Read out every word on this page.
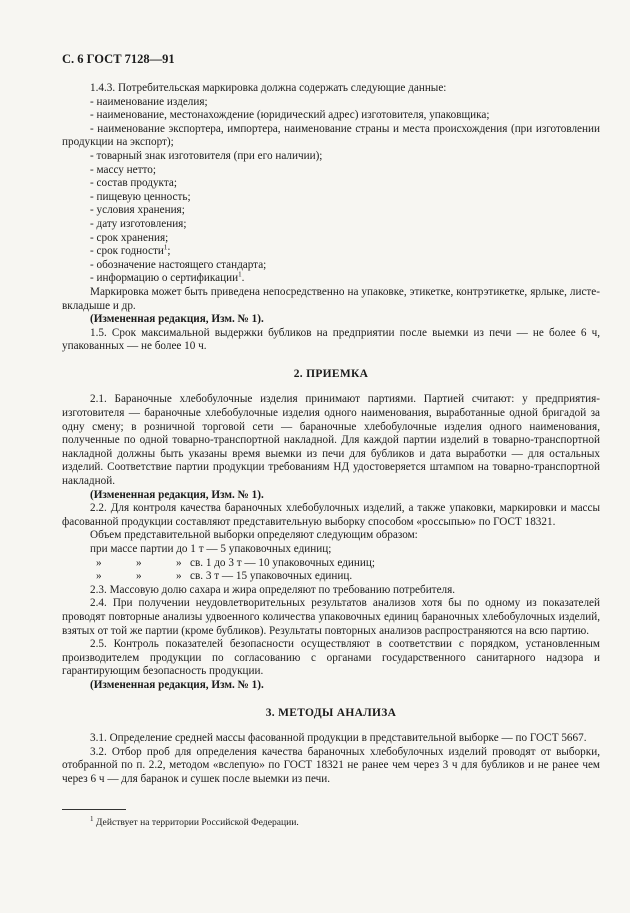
С. 6 ГОСТ 7128—91

1.4.3. Потребительская маркировка должна содержать следующие данные:

- наименование изделия;

- наименование, местонахождение (юридический адрес) изготовителя, упаковщика;

- наименование экспортера, импортера, наименование страны и места происхождения (при изготовлении продукции на экспорт);

- товарный знак изготовителя (при его наличии);

- массу нетто;

- состав продукта;

- пищевую ценность;

- условия хранения;

- дату изготовления;

- срок хранения;

- срок годности$^1$;

- обозначение настоящего стандарта;

- информацию о сертификации$^1$.

Маркировка может быть приведена непосредственно на упаковке, этикетке, контрэтикетке, ярлыке, листе-вкладыше и др.

(Измененная редакция, Изм. № 1).

1.5. Срок максимальной выдержки бубликов на предприятии после выемки из печи — не более 6 ч, упакованных — не более 10 ч.

2. ПРИЕМКА

2.1. Бараночные хлебобулочные изделия принимают партиями. Партией считают: у предприятия-изготовителя — бараночные хлебобулочные изделия одного наименования, выработанные одной бригадой за одну смену; в розничной торговой сети — бараночные хлебобулочные изделия одного наименования, полученные по одной товарно-транспортной накладной. Для каждой партии изделий в товарно-транспортной накладной должны быть указаны время выемки из печи для бубликов и дата выработки — для остальных изделий. Соответствие партии продукции требованиям НД удостоверяется штампом на товарно-транспортной накладной.

(Измененная редакция, Изм. № 1).

2.2. Для контроля качества бараночных хлебобулочных изделий, а также упаковки, маркировки и массы фасованной продукции составляют представительную выборку способом «россыпью» по ГОСТ 18321.

Объем представительной выборки определяют следующим образом:

при массе партии до 1 т — 5 упаковочных единиц;

»	»	» св. 1 до 3 т — 10 упаковочных единиц;

»	»	» св. 3 т — 15 упаковочных единиц.

2.3. Массовую долю сахара и жира определяют по требованию потребителя.

2.4. При получении неудовлетворительных результатов анализов хотя бы по одному из показателей проводят повторные анализы удвоенного количества упаковочных единиц бараночных хлебобулочных изделий, взятых от той же партии (кроме бубликов). Результаты повторных анализов распространяются на всю партию.

2.5. Контроль показателей безопасности осуществляют в соответствии с порядком, установленным производителем продукции по согласованию с органами государственного санитарного надзора и гарантирующим безопасность продукции.

(Измененная редакция, Изм. № 1).

3. МЕТОДЫ АНАЛИЗА

3.1. Определение средней массы фасованной продукции в представительной выборке — по ГОСТ 5667.

3.2. Отбор проб для определения качества бараночных хлебобулочных изделий проводят от выборки, отобранной по п. 2.2, методом «вслепую» по ГОСТ 18321 не ранее чем через 3 ч для бубликов и не ранее чем через 6 ч — для баранок и сушек после выемки из печи.

$^1$ Действует на территории Российской Федерации.
